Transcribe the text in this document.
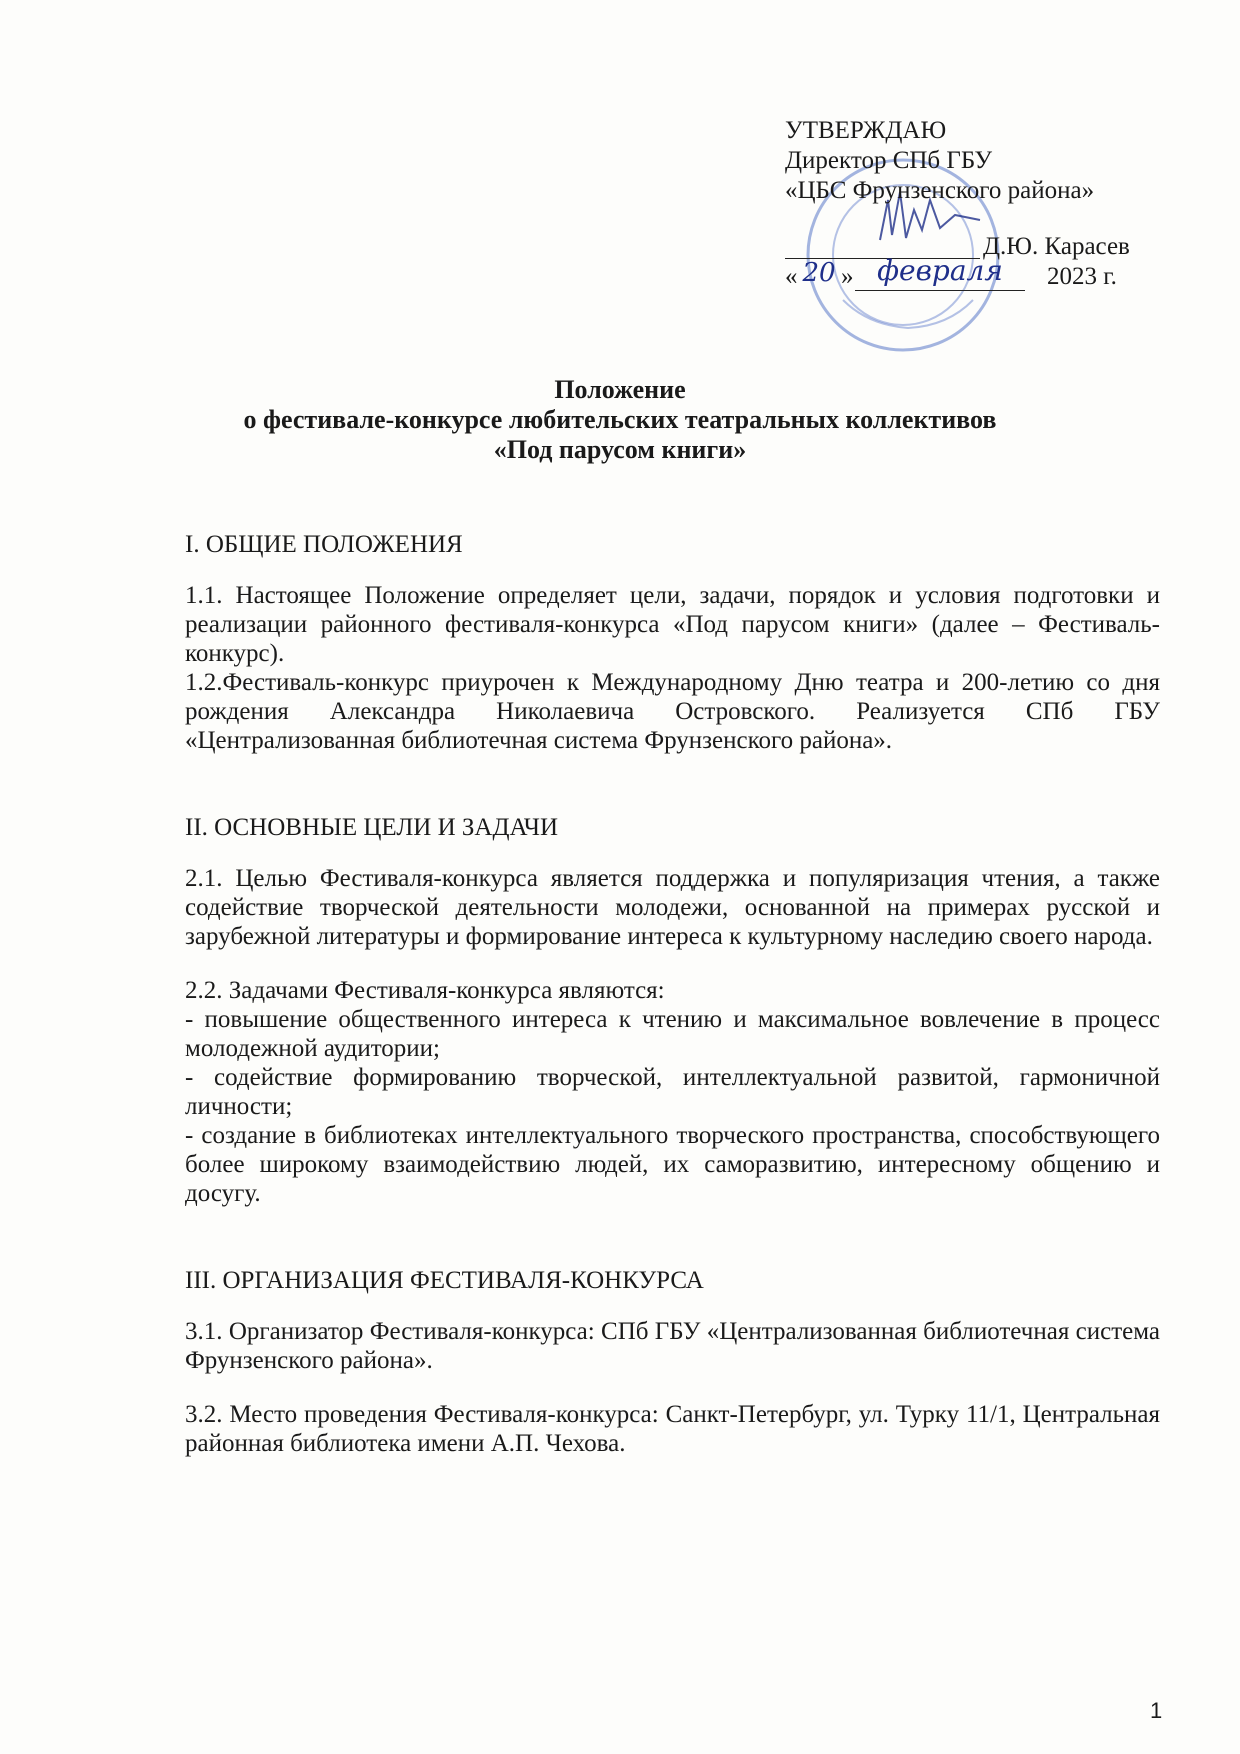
УТВЕРЖДАЮ
Директор СПб ГБУ
«ЦБС Фрунзенского района»
Д.Ю. Карасев
« 20 » февраля	2023 г.
Положение
о фестивале-конкурсе любительских театральных коллективов
«Под парусом книги»
I. ОБЩИЕ ПОЛОЖЕНИЯ

1.1. Настоящее Положение определяет цели, задачи, порядок и условия подготовки и реализации районного фестиваля-конкурса «Под парусом книги» (далее – Фестиваль-конкурс).

1.2.Фестиваль-конкурс приурочен к Международному Дню театра и 200-летию со дня рождения Александра Николаевича Островского. Реализуется СПб ГБУ «Централизованная библиотечная система Фрунзенского района».

II. ОСНОВНЫЕ ЦЕЛИ И ЗАДАЧИ

2.1. Целью Фестиваля-конкурса является поддержка и популяризация чтения, а также содействие творческой деятельности молодежи, основанной на примерах русской и зарубежной литературы и формирование интереса к культурному наследию своего народа.

2.2. Задачами Фестиваля-конкурса являются:

- повышение общественного интереса к чтению и максимальное вовлечение в процесс молодежной аудитории;

- содействие формированию творческой, интеллектуальной развитой, гармоничной личности;

- создание в библиотеках интеллектуального творческого пространства, способствующего более широкому взаимодействию людей, их саморазвитию, интересному общению и досугу.

III. ОРГАНИЗАЦИЯ ФЕСТИВАЛЯ-КОНКУРСА

3.1. Организатор Фестиваля-конкурса: СПб ГБУ «Централизованная библиотечная система Фрунзенского района».

3.2. Место проведения Фестиваля-конкурса: Санкт-Петербург, ул. Турку 11/1, Центральная районная библиотека имени А.П. Чехова.

1
